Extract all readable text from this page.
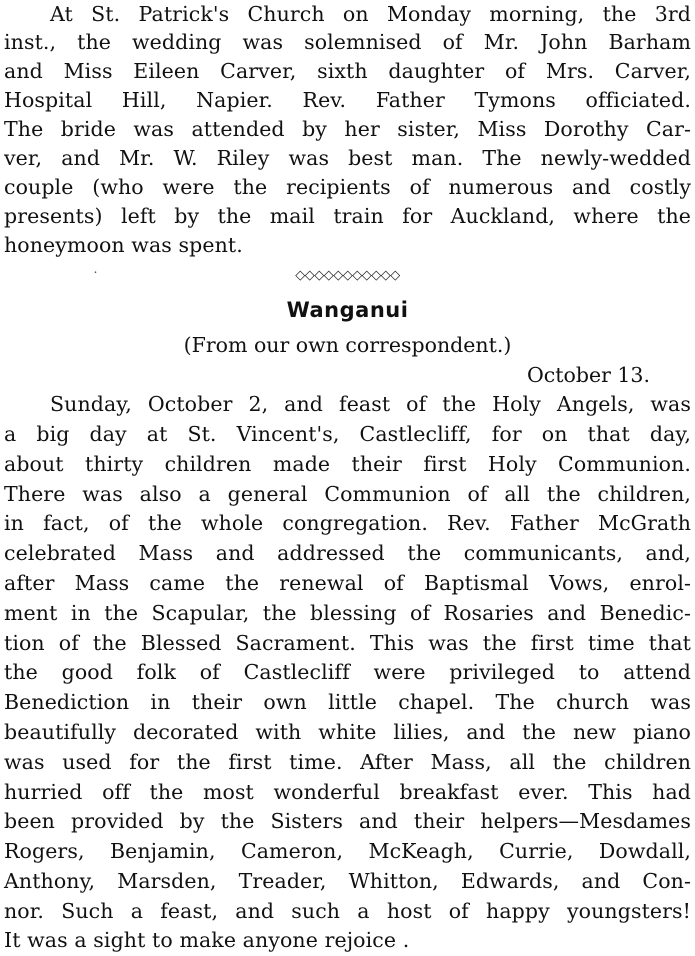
At St. Patrick's Church on Monday morning, the 3rd
inst., the wedding was solemnised of Mr. John Barham
and Miss Eileen Carver, sixth daughter of Mrs. Carver,
Hospital Hill, Napier. Rev. Father Tymons officiated.
The bride was attended by her sister, Miss Dorothy Car-
ver, and Mr. W. Riley was best man. The newly-wedded
couple (who were the recipients of numerous and costly
presents) left by the mail train for Auckland, where the
honeymoon was spent.
˙	◇◇◇◇◇◇◇◇◇◇◇
Wanganui
(From our own correspondent.)
October 13.
Sunday, October 2, and feast of the Holy Angels, was
a big day at St. Vincent's, Castlecliff, for on that day,
about thirty children made their first Holy Communion.
There was also a general Communion of all the children,
in fact, of the whole congregation. Rev. Father McGrath
celebrated Mass and addressed the communicants, and,
after Mass came the renewal of Baptismal Vows, enrol-
ment in the Scapular, the blessing of Rosaries and Benedic-
tion of the Blessed Sacrament. This was the first time that
the good folk of Castlecliff were privileged to attend
Benediction in their own little chapel. The church was
beautifully decorated with white lilies, and the new piano
was used for the first time. After Mass, all the children
hurried off the most wonderful breakfast ever. This had
been provided by the Sisters and their helpers—Mesdames
Rogers, Benjamin, Cameron, McKeagh, Currie, Dowdall,
Anthony, Marsden, Treader, Whitton, Edwards, and Con-
nor. Such a feast, and such a host of happy youngsters!
It was a sight to make anyone rejoice .
